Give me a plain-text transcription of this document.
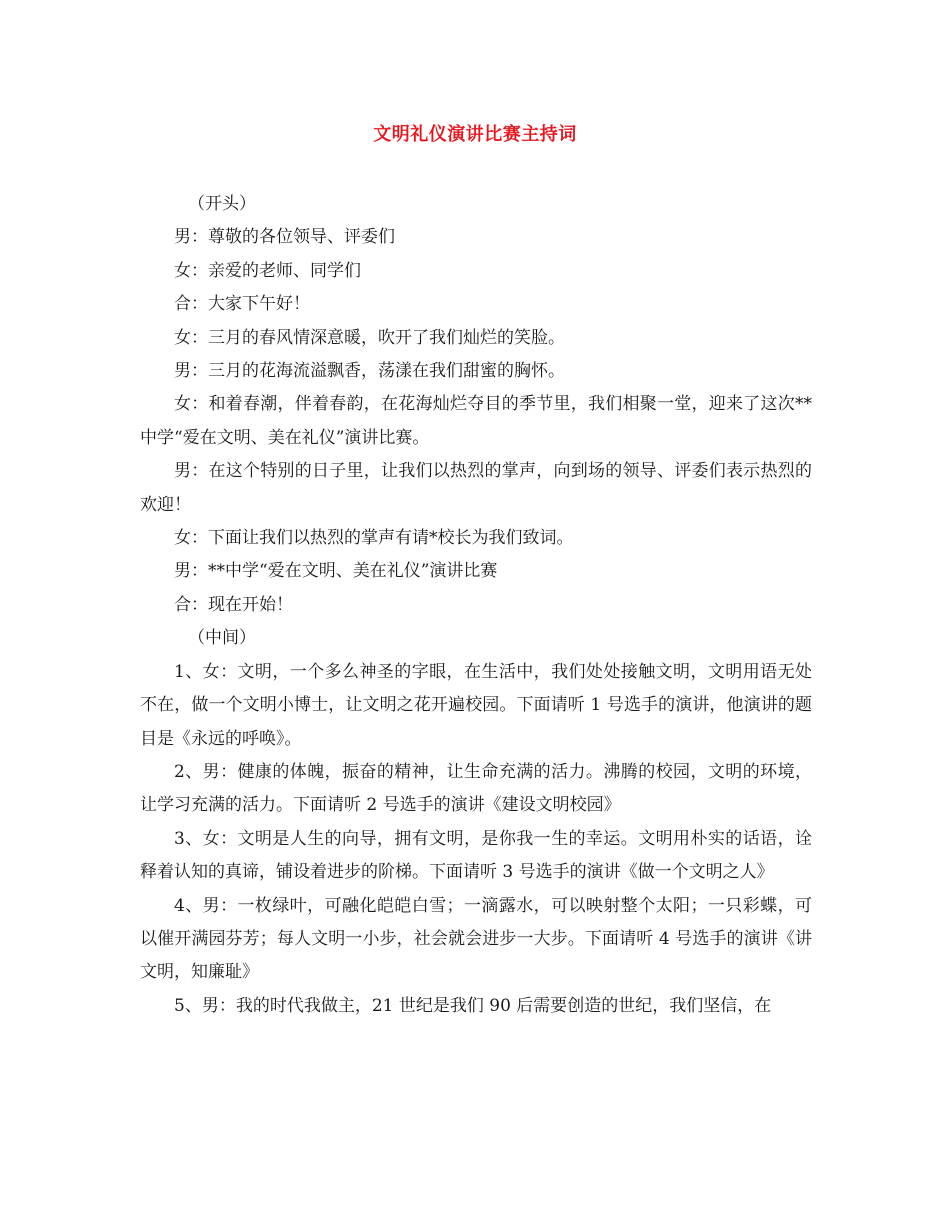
文明礼仪演讲比赛主持词

（开头）

男：尊敬的各位领导、评委们

女：亲爱的老师、同学们

合：大家下午好！

女：三月的春风情深意暖，吹开了我们灿烂的笑脸。

男：三月的花海流溢飘香，荡漾在我们甜蜜的胸怀。

女：和着春潮，伴着春韵，在花海灿烂夺目的季节里，我们相聚一堂，迎来了这次**中学“爱在文明、美在礼仪”演讲比赛。

男：在这个特别的日子里，让我们以热烈的掌声，向到场的领导、评委们表示热烈的欢迎！

女：下面让我们以热烈的掌声有请*校长为我们致词。

男：**中学“爱在文明、美在礼仪”演讲比赛

合：现在开始！

（中间）

1、女：文明，一个多么神圣的字眼，在生活中，我们处处接触文明，文明用语无处不在，做一个文明小博士，让文明之花开遍校园。下面请听 1 号选手的演讲，他演讲的题目是《永远的呼唤》。

2、男：健康的体魄，振奋的精神，让生命充满的活力。沸腾的校园，文明的环境，让学习充满的活力。下面请听 2 号选手的演讲《建设文明校园》

3、女：文明是人生的向导，拥有文明，是你我一生的幸运。文明用朴实的话语，诠释着认知的真谛，铺设着进步的阶梯。下面请听 3 号选手的演讲《做一个文明之人》

4、男：一枚绿叶，可融化皑皑白雪；一滴露水，可以映射整个太阳；一只彩蝶，可以催开满园芬芳；每人文明一小步，社会就会进步一大步。下面请听 4 号选手的演讲《讲文明，知廉耻》

5、男：我的时代我做主，21 世纪是我们 90 后需要创造的世纪，我们坚信，在
